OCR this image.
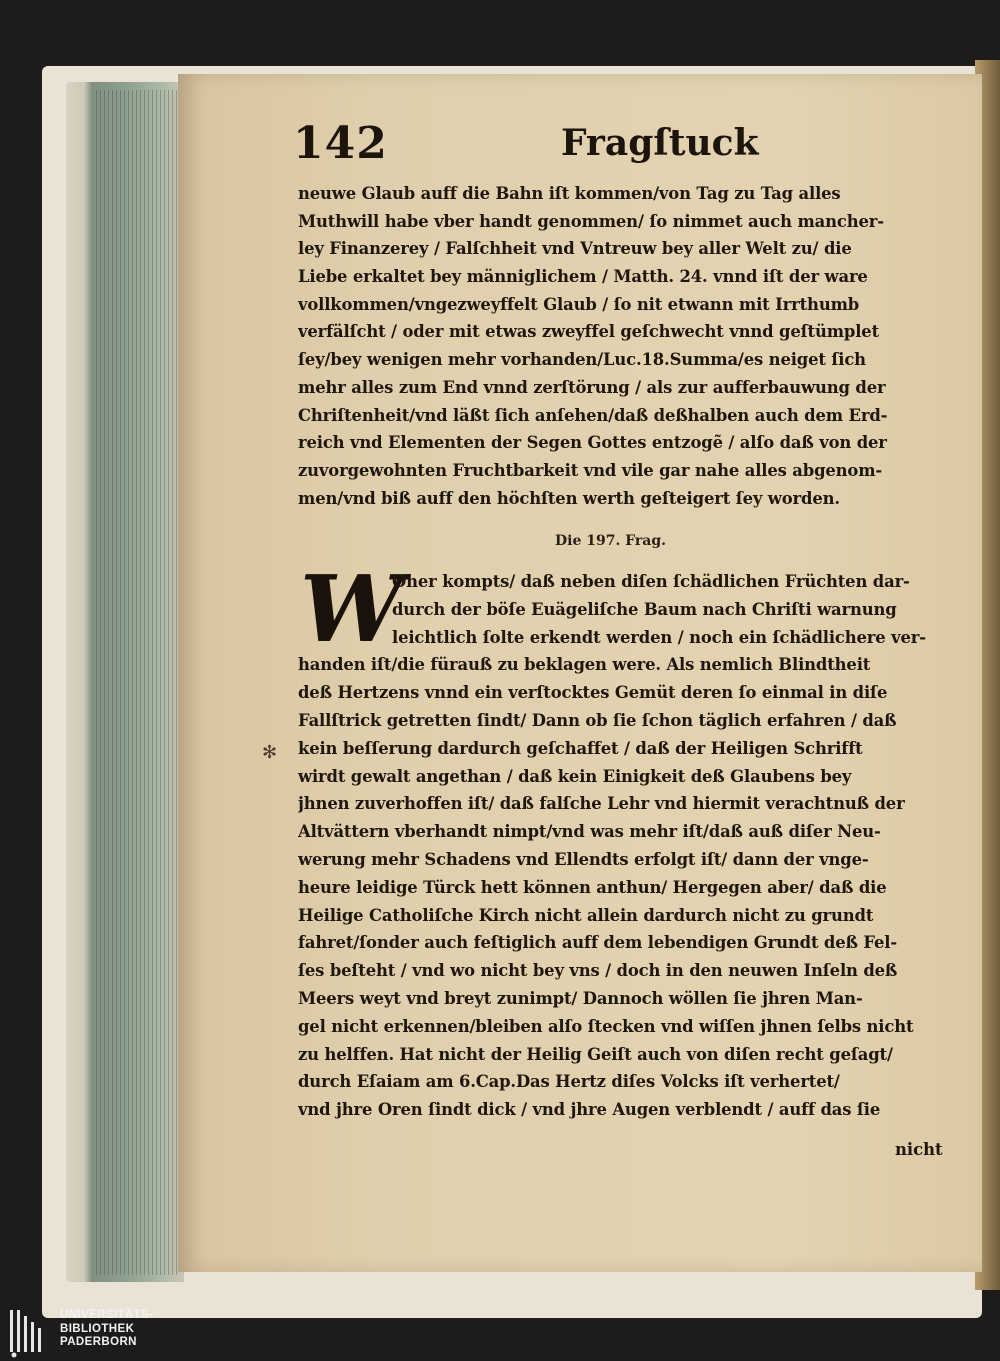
142	Fragſtuck
neuwe Glaub auff die Bahn iſt kommen/von Tag zu Tag alles
Muthwill habe vber handt genommen/ ſo nimmet auch mancher-
ley Finanzerey / Falſchheit vnd Vntreuw bey aller Welt zu/ die
Liebe erkaltet bey männiglichem / Matth. 24. vnnd iſt der ware
vollkommen/vngezweyffelt Glaub / ſo nit etwann mit Irrthumb
verfälſcht / oder mit etwas zweyffel geſchwecht vnnd geſtümplet
ſey/bey wenigen mehr vorhanden/Luc.18.Summa/es neiget ſich
mehr alles zum End vnnd zerſtörung / als zur aufferbauwung der
Chriſtenheit/vnd läßt ſich anſehen/daß deßhalben auch dem Erd-
reich vnd Elementen der Segen Gottes entzogẽ / alſo daß von der
zuvorgewohnten Fruchtbarkeit vnd vile gar nahe alles abgenom-
men/vnd biß auff den höchſten werth geſteigert ſey worden.
Die 197. Frag.
W
Oher kompts/ daß neben diſen ſchädlichen Früchten dar-
durch der böſe Euägeliſche Baum nach Chriſti warnung
leichtlich ſolte erkendt werden / noch ein ſchädlichere ver-
handen iſt/die fürauß zu beklagen were. Als nemlich Blindtheit
deß Hertzens vnnd ein verſtocktes Gemüt deren ſo einmal in diſe
Fallſtrick getretten ſindt/ Dann ob ſie ſchon täglich erfahren / daß
kein beſſerung dardurch geſchaffet / daß der Heiligen Schrifft
wirdt gewalt angethan / daß kein Einigkeit deß Glaubens bey
jhnen zuverhoffen iſt/ daß falſche Lehr vnd hiermit verachtnuß der
Altvättern vberhandt nimpt/vnd was mehr iſt/daß auß diſer Neu-
werung mehr Schadens vnd Ellendts erfolgt iſt/ dann der vnge-
heure leidige Türck hett können anthun/ Hergegen aber/ daß die
Heilige Catholiſche Kirch nicht allein dardurch nicht zu grundt
fahret/ſonder auch feſtiglich auff dem lebendigen Grundt deß Fel-
ſes beſteht / vnd wo nicht bey vns / doch in den neuwen Inſeln deß
Meers weyt vnd breyt zunimpt/ Dannoch wöllen ſie jhren Man-
gel nicht erkennen/bleiben alſo ſtecken vnd wiſſen jhnen ſelbs nicht
zu helffen. Hat nicht der Heilig Geiſt auch von diſen recht geſagt/
durch Eſaiam am 6.Cap.Das Hertz diſes Volcks iſt verhertet/
vnd jhre Oren ſindt dick / vnd jhre Augen verblendt / auff das ſie
nicht
✻
UNIVERSITÄTS-
BIBLIOTHEK
PADERBORN
